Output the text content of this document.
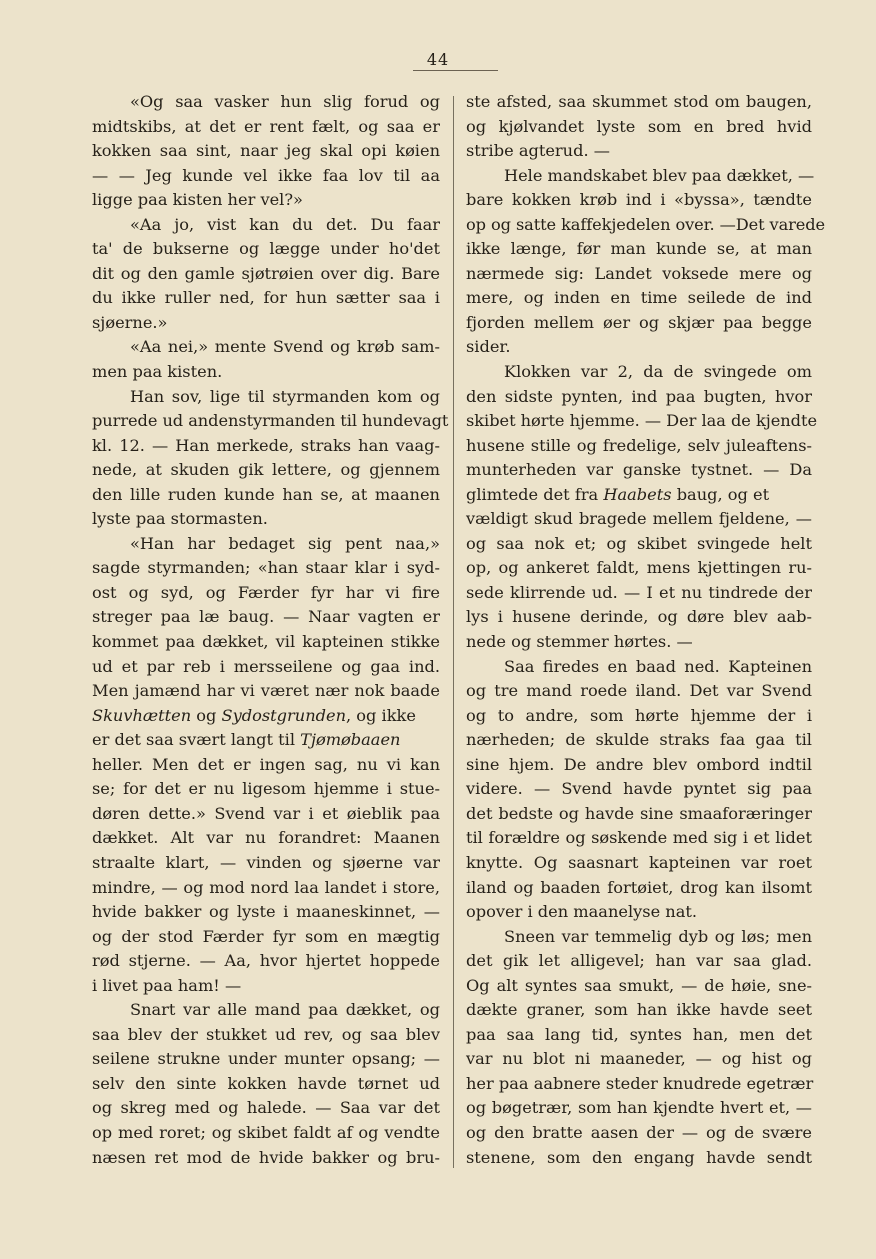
44
«Og saa vasker hun slig forud og
midtskibs, at det er rent fælt, og saa er
kokken saa sint, naar jeg skal opi køien
— — Jeg kunde vel ikke faa lov til aa
ligge paa kisten her vel?»
«Aa jo, vist kan du det. Du faar
ta' de bukserne og lægge under ho'det
dit og den gamle sjøtrøien over dig. Bare
du ikke ruller ned, for hun sætter saa i
sjøerne.»
«Aa nei,» mente Svend og krøb sam-
men paa kisten.
Han sov, lige til styrmanden kom og
purrede ud andenstyrmanden til hundevagt
kl. 12. — Han merkede, straks han vaag-
nede, at skuden gik lettere, og gjennem
den lille ruden kunde han se, at maanen
lyste paa stormasten.
«Han har bedaget sig pent naa,»
sagde styrmanden; «han staar klar i syd-
ost og syd, og Færder fyr har vi fire
streger paa læ baug. — Naar vagten er
kommet paa dækket, vil kapteinen stikke
ud et par reb i mersseilene og gaa ind.
Men jamænd har vi været nær nok baade
Skuvhætten og Sydostgrunden, og ikke
er det saa svært langt til Tjømøbaaen
heller. Men det er ingen sag, nu vi kan
se; for det er nu ligesom hjemme i stue-
døren dette.» Svend var i et øieblik paa
dækket. Alt var nu forandret: Maanen
straalte klart, — vinden og sjøerne var
mindre, — og mod nord laa landet i store,
hvide bakker og lyste i maaneskinnet, —
og der stod Færder fyr som en mægtig
rød stjerne. — Aa, hvor hjertet hoppede
i livet paa ham! —
Snart var alle mand paa dækket, og
saa blev der stukket ud rev, og saa blev
seilene strukne under munter opsang; —
selv den sinte kokken havde tørnet ud
og skreg med og halede. — Saa var det
op med roret; og skibet faldt af og vendte
næsen ret mod de hvide bakker og bru-
ste afsted, saa skummet stod om baugen,
og kjølvandet lyste som en bred hvid
stribe agterud. —
Hele mandskabet blev paa dækket, —
bare kokken krøb ind i «byssa», tændte
op og satte kaffekjedelen over. —Det varede
ikke længe, før man kunde se, at man
nærmede sig: Landet voksede mere og
mere, og inden en time seilede de ind
fjorden mellem øer og skjær paa begge
sider.
Klokken var 2, da de svingede om
den sidste pynten, ind paa bugten, hvor
skibet hørte hjemme. — Der laa de kjendte
husene stille og fredelige, selv juleaftens-
munterheden var ganske tystnet. — Da
glimtede det fra Haabets baug, og et
vældigt skud bragede mellem fjeldene, —
og saa nok et; og skibet svingede helt
op, og ankeret faldt, mens kjettingen ru-
sede klirrende ud. — I et nu tindrede der
lys i husene derinde, og døre blev aab-
nede og stemmer hørtes. —
Saa firedes en baad ned. Kapteinen
og tre mand roede iland. Det var Svend
og to andre, som hørte hjemme der i
nærheden; de skulde straks faa gaa til
sine hjem. De andre blev ombord indtil
videre. — Svend havde pyntet sig paa
det bedste og havde sine smaaforæringer
til forældre og søskende med sig i et lidet
knytte. Og saasnart kapteinen var roet
iland og baaden fortøiet, drog kan ilsomt
opover i den maanelyse nat.
Sneen var temmelig dyb og løs; men
det gik let alligevel; han var saa glad.
Og alt syntes saa smukt, — de høie, sne-
dækte graner, som han ikke havde seet
paa saa lang tid, syntes han, men det
var nu blot ni maaneder, — og hist og
her paa aabnere steder knudrede egetrær
og bøgetrær, som han kjendte hvert et, —
og den bratte aasen der — og de svære
stenene, som den engang havde sendt
